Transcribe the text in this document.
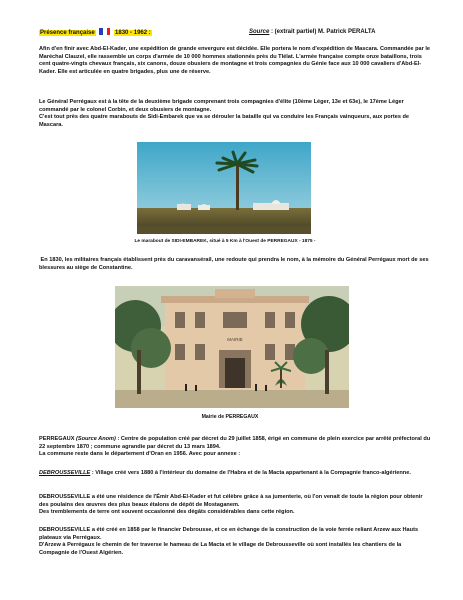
Présence française	1830 - 1962 :	Source : (extrait partiel) M. Patrick PERALTA

Afin d'en finir avec Abd-El-Kader, une expédition de grande envergure est décidée. Elle portera le nom d'expédition de Mascara. Commandée par le Maréchal Clauzel, elle rassemble un corps d'armée de 10 000 hommes stationnés près du Tlélat. L'armée française compte onze bataillons, trois cent quatre-vingts chevaux français, six canons, douze obusiers de montagne et trois compagnies du Génie face aux 10 000 cavaliers d'Abd-El-Kader. Elle est articulée en quatre brigades, plus une de réserve.

Le Général Perrégaux est à la tête de la deuxième brigade comprenant trois compagnies d'élite (10ème Léger, 13e et 63e), le 17ème Léger commandé par le colonel Corbin, et deux obusiers de montagne.

C'est tout près des quatre marabouts de Sidi-Embarek que va se dérouler la bataille qui va conduire les Français vainqueurs, aux portes de Mascara.

Le marabout de SIDI-EMBAREK, situé à 5 Km à l'Ouest de PERREGAUX - 1875 -

En 1830, les militaires français établissent près du caravansérail, une redoute qui prendra le nom, à la mémoire du Général Perrégaux mort de ses blessures au siège de Constantine.

MAIRIE
Mairie de PERREGAUX

PERREGAUX (Source Anom) : Centre de population créé par décret du 29 juillet 1858, érigé en commune de plein exercice par arrêté préfectoral du 22 septembre 1870 ; commune agrandie par décret du 13 mars 1894.

La commune reste dans le département d'Oran en 1956. Avec pour annexe :

DEBROUSSEVILLE : Village créé vers 1880 à l'intérieur du domaine de l'Habra et de la Macta appartenant à la Compagnie franco-algérienne.

DEBROUSSEVILLE a été une résidence de l'Émir Abd-El-Kader et fut célèbre grâce à sa jumenterie, où l'on venait de toute la région pour obtenir des poulains des œuvres des plus beaux étalons de dépôt de Mostaganem.

Des tremblements de terre ont souvent occasionné des dégâts considérables dans cette région.

DEBROUSSEVILLE a été créé en 1858 par le financier Debrousse, et ce en échange de la construction de la voie ferrée reliant Arzew aux Hauts plateaux via Perrégaux.

D'Arzew à Perrégaux le chemin de fer traverse le hameau de La Macta et le village de Debrousseville où sont installés les chantiers de la Compagnie de l'Ouest Algérien.
